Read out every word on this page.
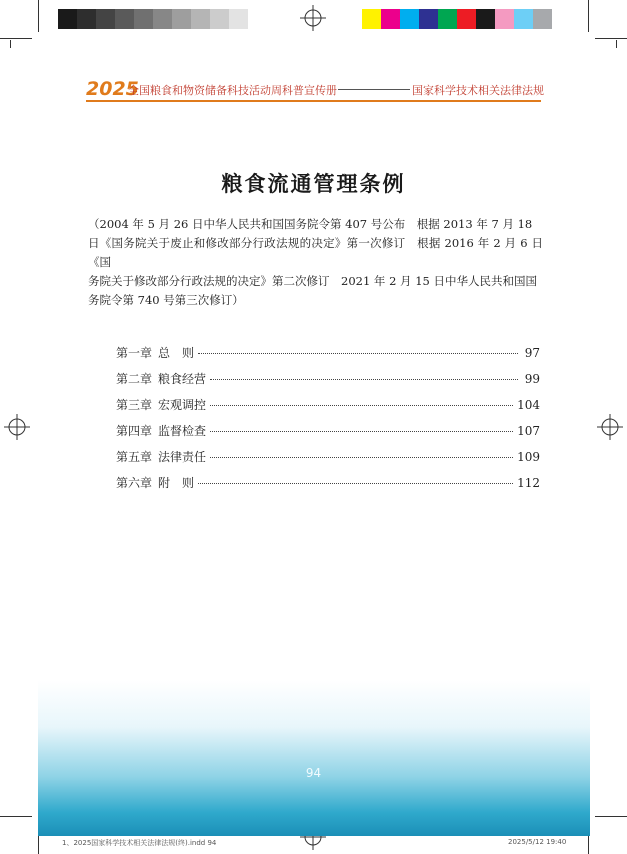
2025
全国粮食和物资储备科技活动周科普宣传册	国家科学技术相关法律法规
粮食流通管理条例

（2004 年 5 月 26 日中华人民共和国国务院令第 407 号公布　根据 2013 年 7 月 18

日《国务院关于废止和修改部分行政法规的决定》第一次修订　根据 2016 年 2 月 6 日《国

务院关于修改部分行政法规的决定》第二次修订　2021 年 2 月 15 日中华人民共和国国

务院令第 740 号第三次修订）

第一章 总　则	97
第二章 粮食经营	99
第三章 宏观调控	104
第四章 监督检查	107
第五章 法律责任	109
第六章 附　则	112
94
1、2025国家科学技术相关法律法规(终).indd 94	2025/5/12 19:40
